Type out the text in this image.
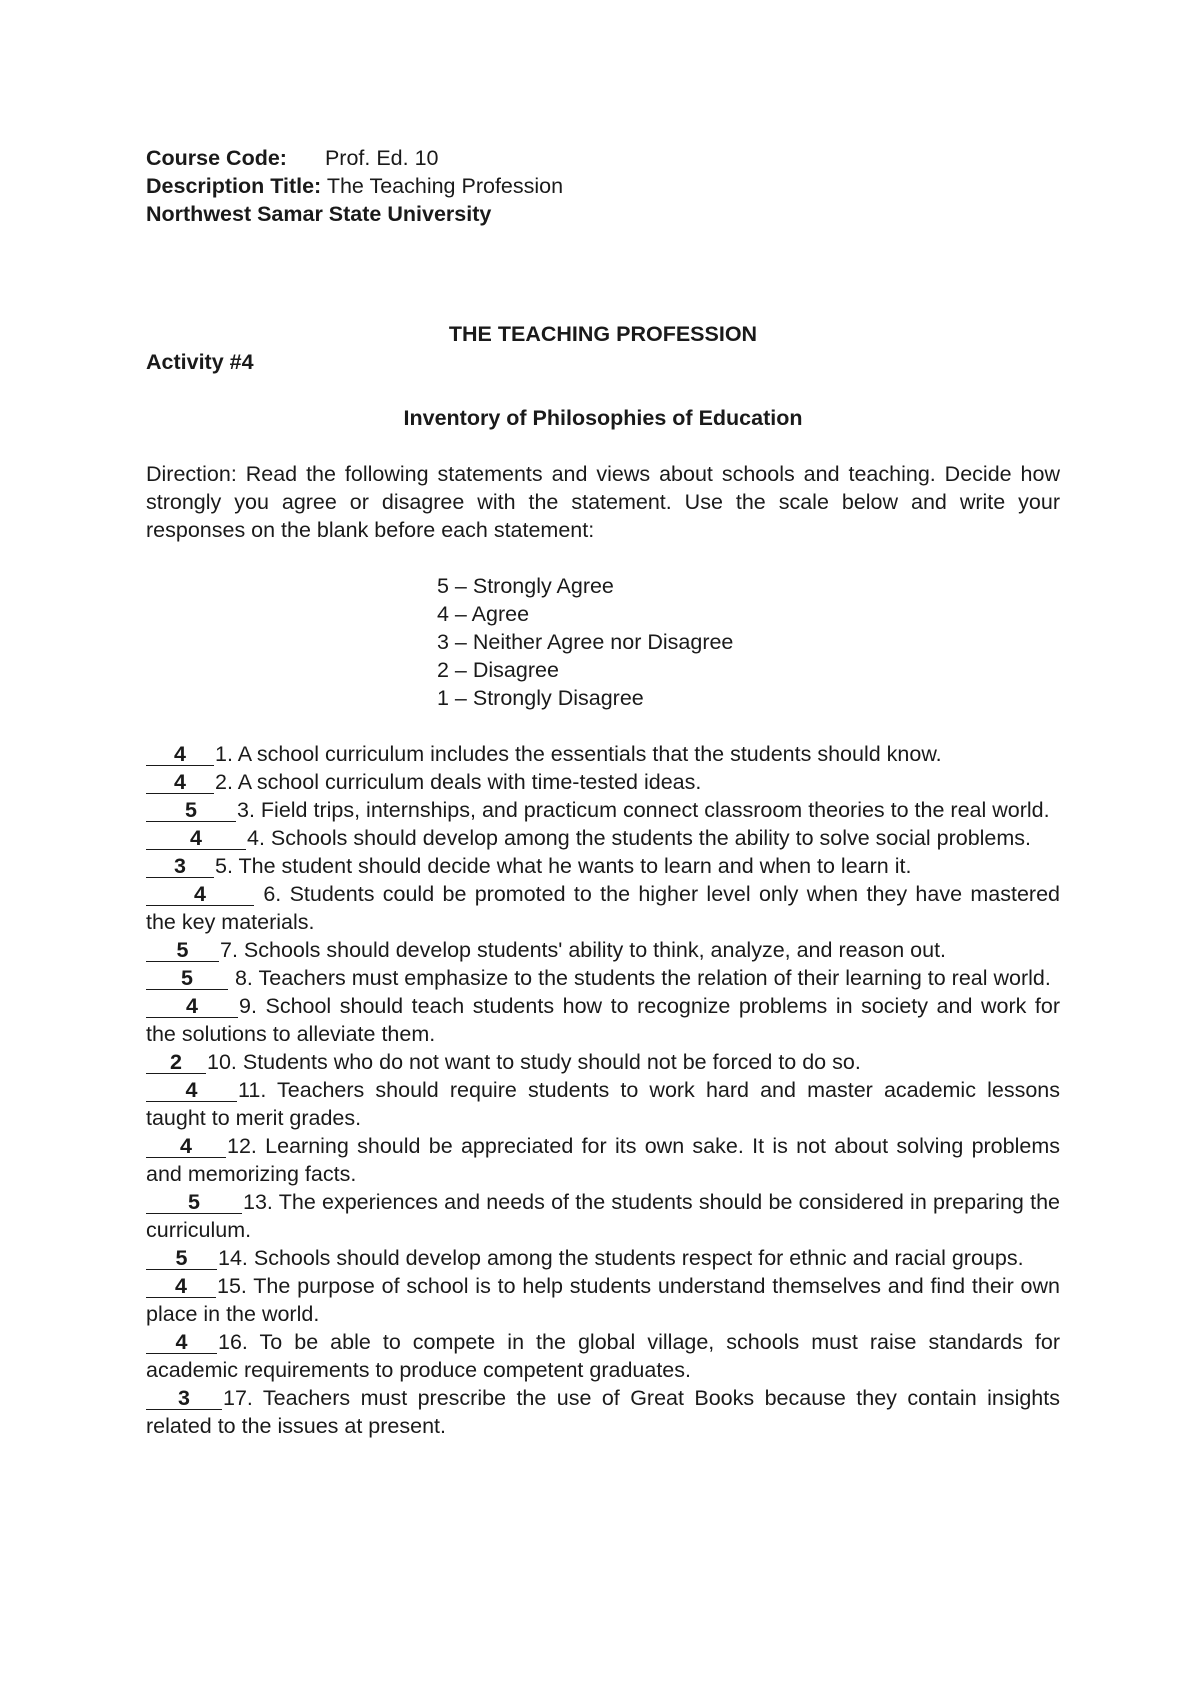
Course Code: Prof. Ed. 10
Description Title: The Teaching Profession
Northwest Samar State University
THE TEACHING PROFESSION
Activity #4
Inventory of Philosophies of Education
Direction: Read the following statements and views about schools and teaching. Decide how strongly you agree or disagree with the statement. Use the scale below and write your responses on the blank before each statement:
5 – Strongly Agree
4 – Agree
3 – Neither Agree nor Disagree
2 – Disagree
1 – Strongly Disagree
4 1. A school curriculum includes the essentials that the students should know.
4 2. A school curriculum deals with time-tested ideas.
5 3. Field trips, internships, and practicum connect classroom theories to the real world.
4 4. Schools should develop among the students the ability to solve social problems.
3 5. The student should decide what he wants to learn and when to learn it.
4 6. Students could be promoted to the higher level only when they have mastered the key materials.
5 7. Schools should develop students' ability to think, analyze, and reason out.
5 8. Teachers must emphasize to the students the relation of their learning to real world.
4 9. School should teach students how to recognize problems in society and work for the solutions to alleviate them.
2 10. Students who do not want to study should not be forced to do so.
4 11. Teachers should require students to work hard and master academic lessons taught to merit grades.
4 12. Learning should be appreciated for its own sake. It is not about solving problems and memorizing facts.
5 13. The experiences and needs of the students should be considered in preparing the curriculum.
5 14. Schools should develop among the students respect for ethnic and racial groups.
4 15. The purpose of school is to help students understand themselves and find their own place in the world.
4 16. To be able to compete in the global village, schools must raise standards for academic requirements to produce competent graduates.
3 17. Teachers must prescribe the use of Great Books because they contain insights related to the issues at present.
